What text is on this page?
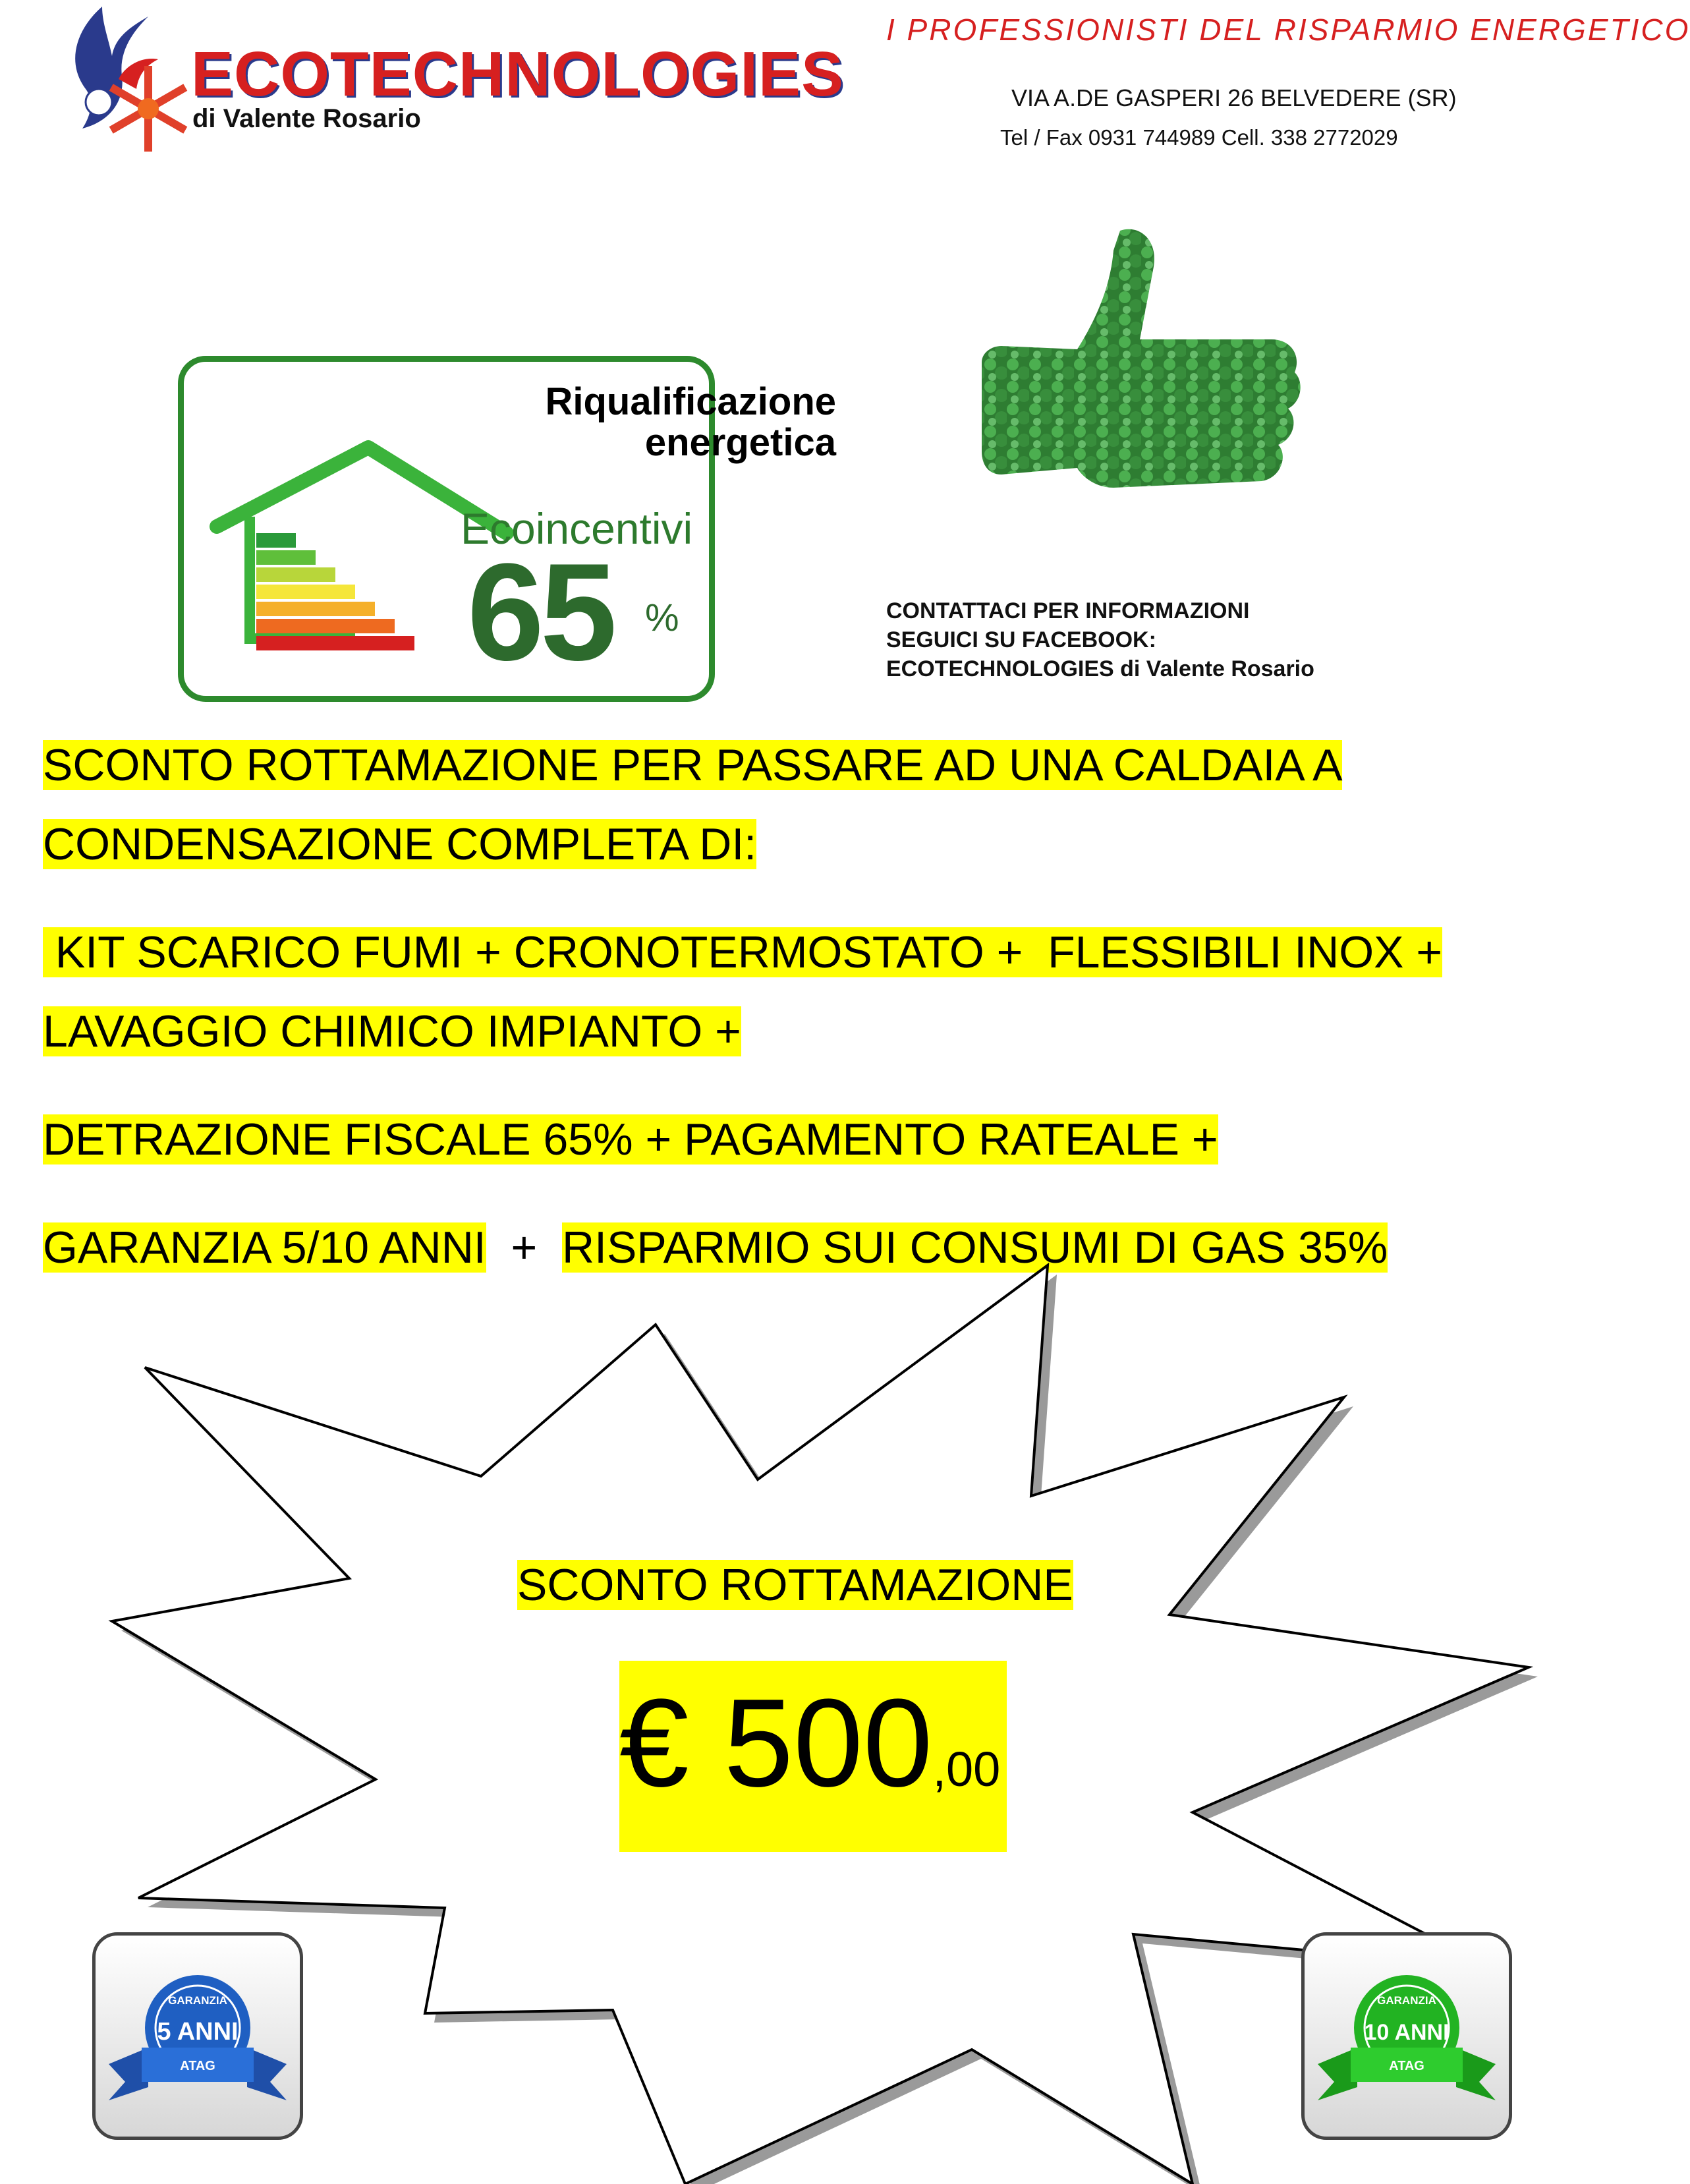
ECOTECHNOLOGIES
di Valente Rosario
I PROFESSIONISTI DEL RISPARMIO ENERGETICO
VIA A.DE GASPERI 26 BELVEDERE (SR)
Tel / Fax 0931 744989 Cell. 338 2772029
Riqualificazione
energetica
Ecoincentivi
65 %	CONTATTACI PER INFORMAZIONI
SEGUICI SU FACEBOOK:
ECOTECHNOLOGIES di Valente Rosario
SCONTO ROTTAMAZIONE PER PASSARE AD UNA CALDAIA A
CONDENSAZIONE COMPLETA DI:
KIT SCARICO FUMI + CRONOTERMOSTATO +  FLESSIBILI INOX +
LAVAGGIO CHIMICO IMPIANTO +
DETRAZIONE FISCALE 65% + PAGAMENTO RATEALE +
GARANZIA 5/10 ANNI  +  RISPARMIO SUI CONSUMI DI GAS 35%
SCONTO ROTTAMAZIONE
€ 500,00
GARANZIA
5 ANNI
ATAG
GARANZIA
10 ANNI
ATAG
